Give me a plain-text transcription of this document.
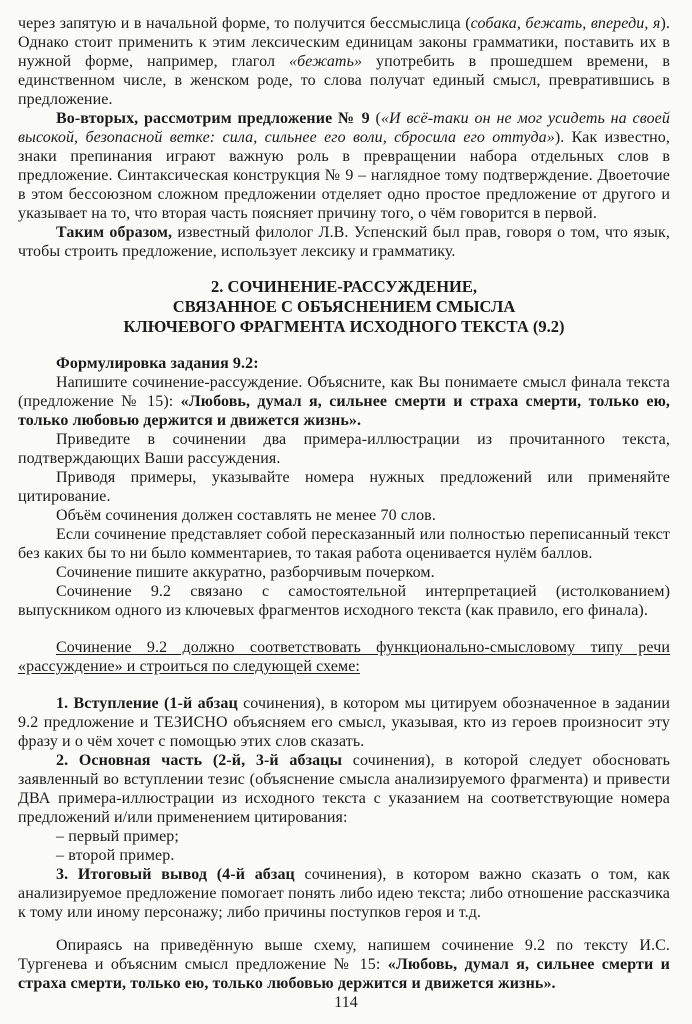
через запятую и в начальной форме, то получится бессмыслица (собака, бежать, впереди, я). Однако стоит применить к этим лексическим единицам законы грамматики, поставить их в нужной форме, например, глагол «бежать» употребить в прошедшем времени, в единственном числе, в женском роде, то слова получат единый смысл, превратившись в предложение.

Во-вторых, рассмотрим предложение № 9 («И всё-таки он не мог усидеть на своей высокой, безопасной ветке: сила, сильнее его воли, сбросила его оттуда»). Как известно, знаки препинания играют важную роль в превращении набора отдельных слов в предложение. Синтаксическая конструкция № 9 – наглядное тому подтверждение. Двоеточие в этом бессоюзном сложном предложении отделяет одно простое предложение от другого и указывает на то, что вторая часть поясняет причину того, о чём говорится в первой.

Таким образом, известный филолог Л.В. Успенский был прав, говоря о том, что язык, чтобы строить предложение, использует лексику и грамматику.

2. СОЧИНЕНИЕ-РАССУЖДЕНИЕ,
СВЯЗАННОЕ С ОБЪЯСНЕНИЕМ СМЫСЛА
КЛЮЧЕВОГО ФРАГМЕНТА ИСХОДНОГО ТЕКСТА (9.2)

Формулировка задания 9.2:

Напишите сочинение-рассуждение. Объясните, как Вы понимаете смысл финала текста (предложение № 15): «Любовь, думал я, сильнее смерти и страха смерти, только ею, только любовью держится и движется жизнь».

Приведите в сочинении два примера-иллюстрации из прочитанного текста, подтверждающих Ваши рассуждения.

Приводя примеры, указывайте номера нужных предложений или применяйте цитирование.

Объём сочинения должен составлять не менее 70 слов.

Если сочинение представляет собой пересказанный или полностью переписанный текст без каких бы то ни было комментариев, то такая работа оценивается нулём баллов.

Сочинение пишите аккуратно, разборчивым почерком.

Сочинение 9.2 связано с самостоятельной интерпретацией (истолкованием) выпускником одного из ключевых фрагментов исходного текста (как правило, его финала).

Сочинение 9.2 должно соответствовать функционально-смысловому типу речи «рассуждение» и строиться по следующей схеме:

1. Вступление (1-й абзац сочинения), в котором мы цитируем обозначенное в задании 9.2 предложение и ТЕЗИСНО объясняем его смысл, указывая, кто из героев произносит эту фразу и о чём хочет с помощью этих слов сказать.

2. Основная часть (2-й, 3-й абзацы сочинения), в которой следует обосновать заявленный во вступлении тезис (объяснение смысла анализируемого фрагмента) и привести ДВА примера-иллюстрации из исходного текста с указанием на соответствующие номера предложений и/или применением цитирования:

– первый пример;

– второй пример.

3. Итоговый вывод (4-й абзац сочинения), в котором важно сказать о том, как анализируемое предложение помогает понять либо идею текста; либо отношение рассказчика к тому или иному персонажу; либо причины поступков героя и т.д.

Опираясь на приведённую выше схему, напишем сочинение 9.2 по тексту И.С. Тургенева и объясним смысл предложение № 15: «Любовь, думал я, сильнее смерти и страха смерти, только ею, только любовью держится и движется жизнь».

114
